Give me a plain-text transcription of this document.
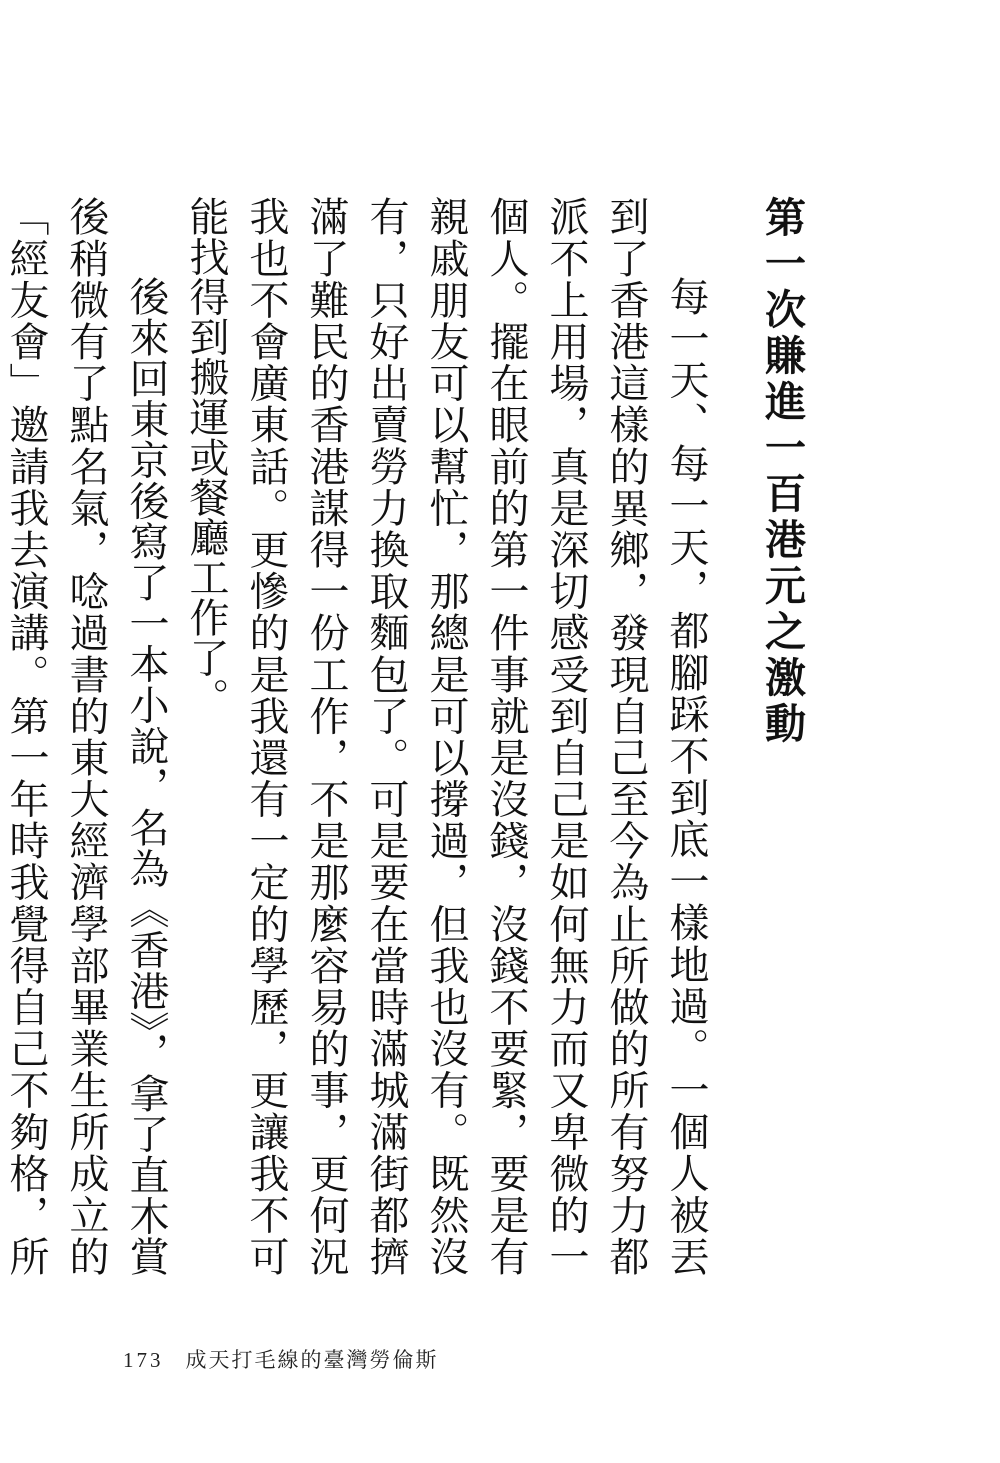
第一次賺進一百港元之激動

每一天、每一天，都腳踩不到底一樣地過。一個人被丟到了香港這樣的異鄉，發現自己至今為止所做的所有努力都派不上用場，真是深切感受到自己是如何無力而又卑微的一個人。擺在眼前的第一件事就是沒錢，沒錢不要緊，要是有親戚朋友可以幫忙，那總是可以撐過，但我也沒有。既然沒有，只好出賣勞力換取麵包了。可是要在當時滿城滿街都擠滿了難民的香港謀得一份工作，不是那麼容易的事，更何況我也不會廣東話。更慘的是我還有一定的學歷，更讓我不可能找得到搬運或餐廳工作了。

後來回東京後寫了一本小說，名為《香港》，拿了直木賞後稍微有了點名氣，唸過書的東大經濟學部畢業生所成立的「經友會」邀請我去演講。第一年時我覺得自己不夠格，所

173 成天打毛線的臺灣勞倫斯
